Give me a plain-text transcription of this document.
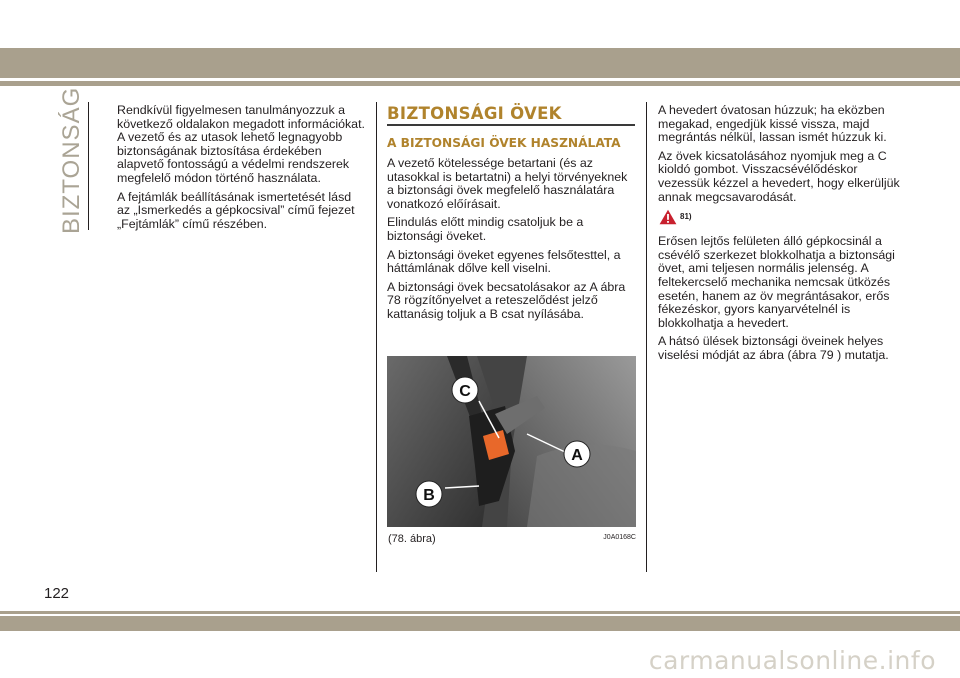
BIZTONSÁG	Rendkívül figyelmesen tanulmányozzuk a következő oldalakon megadott információkat. A vezető és az utasok lehető legnagyobb biztonságának biztosítása érdekében alapvető fontosságú a védelmi rendszerek megfelelő módon történő használata.

A fejtámlák beállításának ismertetését lásd az „Ismerkedés a gépkocsival” című fejezet „Fejtámlák” című részében.

BIZTONSÁGI ÖVEK
A BIZTONSÁGI ÖVEK HASZNÁLATA

A vezető kötelessége betartani (és az utasokkal is betartatni) a helyi törvényeknek a biztonsági övek megfelelő használatára vonatkozó előírásait.

Elindulás előtt mindig csatoljuk be a biztonsági öveket.

A biztonsági öveket egyenes felsőtesttel, a háttámlának dőlve kell viselni.

A biztonsági övek becsatolásakor az A ábra 78 rögzítőnyelvet a reteszelődést jelző kattanásig toljuk a B csat nyílásába.

C
A
B
(78. ábra)	J0A0168C

A hevedert óvatosan húzzuk; ha eközben megakad, engedjük kissé vissza, majd megrántás nélkül, lassan ismét húzzuk ki.

Az övek kicsatolásához nyomjuk meg a C kioldó gombot. Visszacsévélődéskor vezessük kézzel a hevedert, hogy elkerüljük annak megcsavarodását.

81)

Erősen lejtős felületen álló gépkocsinál a csévélő szerkezet blokkolhatja a biztonsági övet, ami teljesen normális jelenség. A feltekercselő mechanika nemcsak ütközés esetén, hanem az öv megrántásakor, erős fékezéskor, gyors kanyarvételnél is blokkolhatja a hevedert.

A hátsó ülések biztonsági öveinek helyes viselési módját az ábra (ábra 79 ) mutatja.

122
carmanualsonline.info
